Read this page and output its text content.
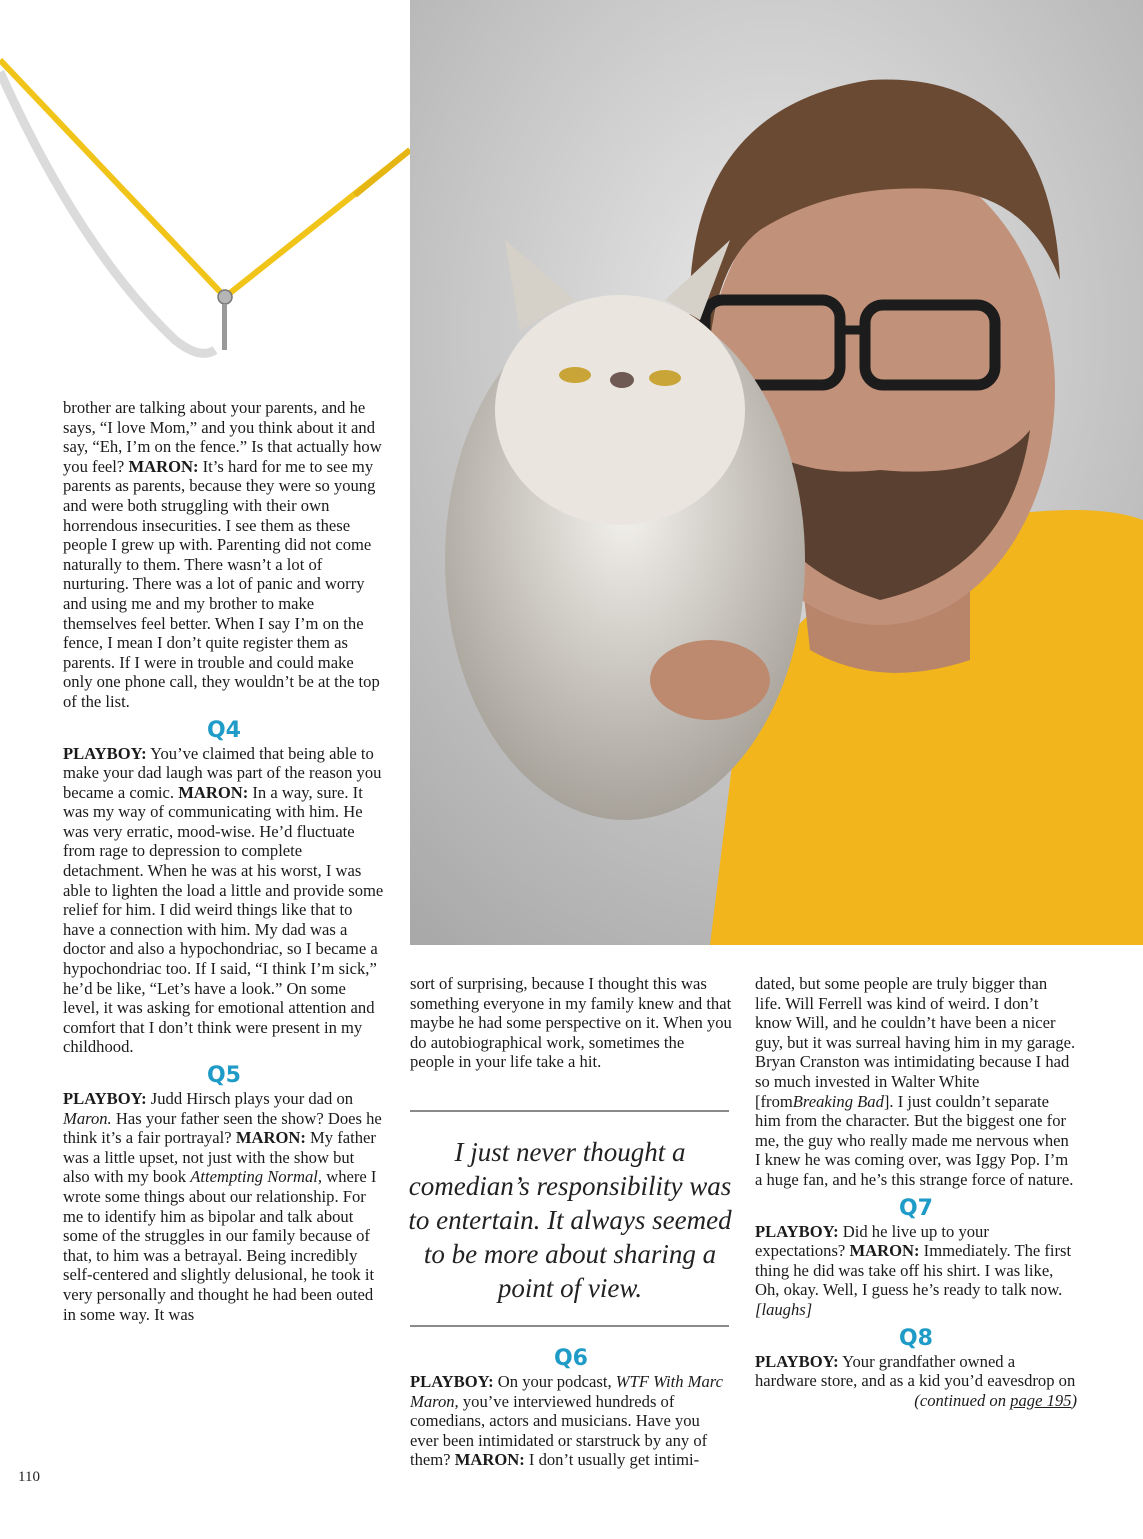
brother are talking about your parents, and he says, “I love Mom,” and you think about it and say, “Eh, I’m on the fence.” Is that actually how you feel? MARON: It’s hard for me to see my parents as parents, because they were so young and were both struggling with their own horrendous insecurities. I see them as these people I grew up with. Parenting did not come naturally to them. There wasn’t a lot of nurturing. There was a lot of panic and worry and using me and my brother to make themselves feel better. When I say I’m on the fence, I mean I don’t quite register them as parents. If I were in trouble and could make only one phone call, they wouldn’t be at the top of the list.

Q4

PLAYBOY: You’ve claimed that being able to make your dad laugh was part of the reason you became a comic. MARON: In a way, sure. It was my way of communicating with him. He was very erratic, mood-wise. He’d fluctuate from rage to depression to complete detachment. When he was at his worst, I was able to lighten the load a little and provide some relief for him. I did weird things like that to have a connection with him. My dad was a doctor and also a hypochondriac, so I became a hypochondriac too. If I said, “I think I’m sick,” he’d be like, “Let’s have a look.” On some level, it was asking for emotional attention and comfort that I don’t think were present in my childhood.

Q5

PLAYBOY: Judd Hirsch plays your dad on Maron. Has your father seen the show? Does he think it’s a fair portrayal? MARON: My father was a little upset, not just with the show but also with my book Attempting Normal, where I wrote some things about our relationship. For me to identify him as bipolar and talk about some of the struggles in our family because of that, to him was a betrayal. Being incredibly self-centered and slightly delusional, he took it very personally and thought he had been outed in some way. It was

110

sort of surprising, because I thought this was something everyone in my family knew and that maybe he had some perspective on it. When you do autobiographical work, sometimes the people in your life take a hit.

I just never thought a comedian’s responsibility was to entertain. It always seemed to be more about sharing a point of view.
Q6

PLAYBOY: On your podcast, WTF With Marc Maron, you’ve interviewed hundreds of comedians, actors and musicians. Have you ever been intimidated or starstruck by any of them? MARON: I don’t usually get intimi-

dated, but some people are truly bigger than life. Will Ferrell was kind of weird. I don’t know Will, and he couldn’t have been a nicer guy, but it was surreal having him in my garage. Bryan Cranston was intimidating because I had so much invested in Walter White [fromBreaking Bad]. I just couldn’t separate him from the character. But the biggest one for me, the guy who really made me nervous when I knew he was coming over, was Iggy Pop. I’m a huge fan, and he’s this strange force of nature.

Q7

PLAYBOY: Did he live up to your expectations? MARON: Immediately. The first thing he did was take off his shirt. I was like, Oh, okay. Well, I guess he’s ready to talk now. [laughs]

Q8

PLAYBOY: Your grandfather owned a hardware store, and as a kid you’d eavesdrop on
(continued on page 195)
